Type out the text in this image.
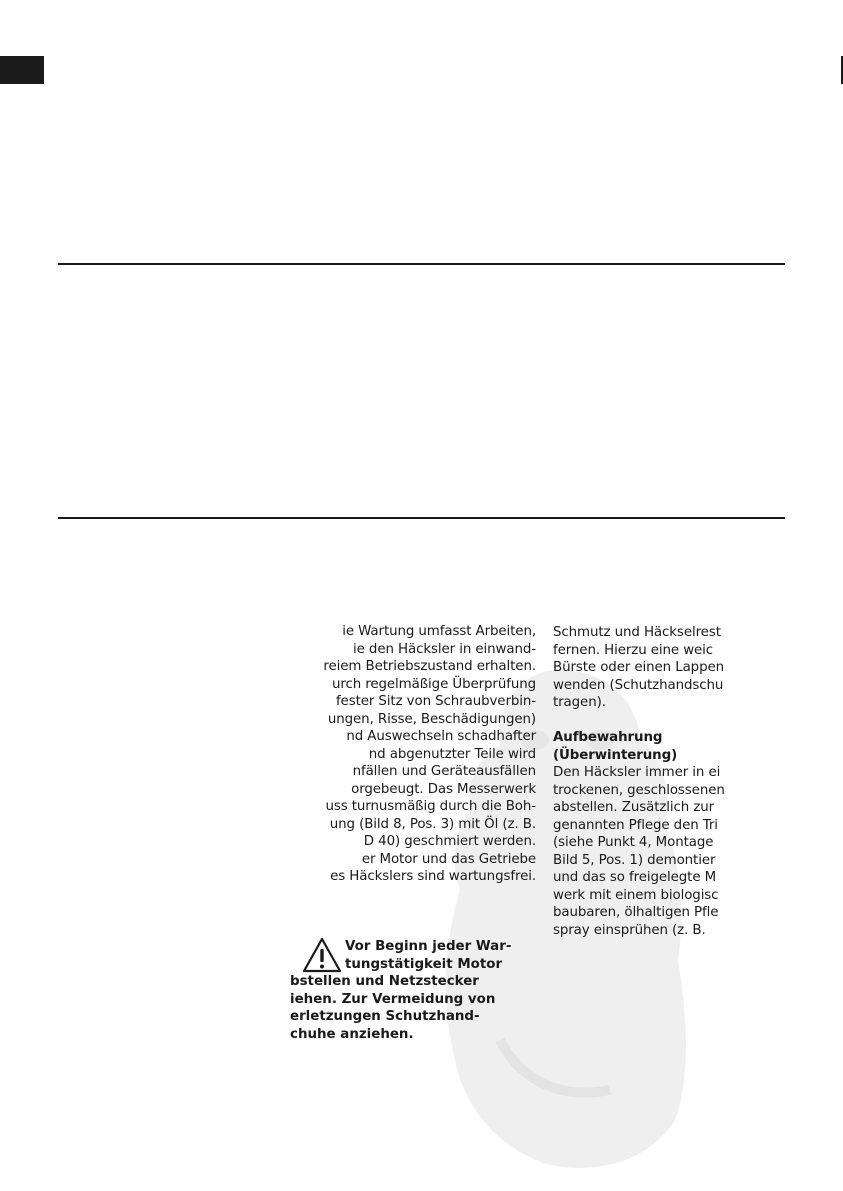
ie Wartung umfasst Arbeiten,
ie den Häcksler in einwand-
reiem Betriebszustand erhalten.
urch regelmäßige Überprüfung
fester Sitz von Schraubverbin-
ungen, Risse, Beschädigungen)
nd Auswechseln schadhafter
nd abgenutzter Teile wird
nfällen und Geräteausfällen
orgebeugt. Das Messerwerk
uss turnusmäßig durch die Boh-
ung (Bild 8, Pos. 3) mit Öl (z. B.
D 40) geschmiert werden.
er Motor und das Getriebe
es Häckslers sind wartungsfrei.
Vor Beginn jeder War-
tungstätigkeit Motor
bstellen und Netzstecker
iehen. Zur Vermeidung von
erletzungen Schutzhand-
chuhe anziehen.
Schmutz und Häckselrest
fernen. Hierzu eine weic
Bürste oder einen Lappen
wenden (Schutzhandschu
tragen).
Aufbewahrung
(Überwinterung)
Den Häcksler immer in ei
trockenen, geschlossenen
abstellen. Zusätzlich zur
genannten Pflege den Tri
(siehe Punkt 4, Montage
Bild 5, Pos. 1) demontier
und das so freigelegte M
werk mit einem biologisc
baubaren, ölhaltigen Pfle
spray einsprühen (z. B.
